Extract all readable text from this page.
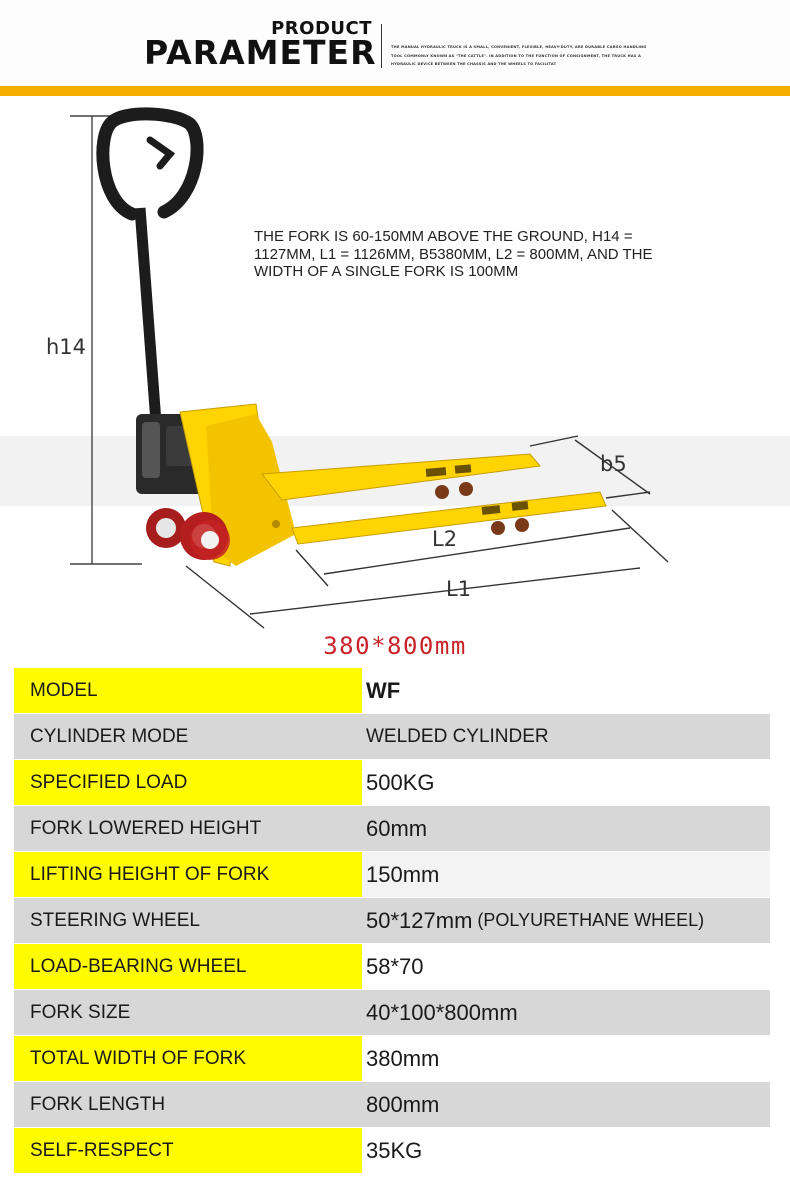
PRODUCT
PARAMETER	THE MANUAL HYDRAULIC TRUCK IS A SMALL, CONVENIENT, FLEXIBLE, HEAVY-DUTY, ARE DURABLE CARGO HANDLING TOOL COMMONLY KNOWN AS "THE CATTLE". IN ADDITION TO THE FUNCTION OF CONSIGNMENT, THE TRUCK HAS A HYDRAULIC DEVICE BETWEEN THE CHASSIS AND THE WHEELS TO FACILITAT
THE FORK IS 60-150MM ABOVE THE GROUND, H14 = 1127MM, L1 = 1126MM, B5380MM, L2 = 800MM, AND THE WIDTH OF A SINGLE FORK IS 100MM
h14
b5
L2
L1
380*800mm
MODEL	WF
CYLINDER MODE	WELDED CYLINDER
SPECIFIED LOAD	500KG
FORK LOWERED HEIGHT	60mm
LIFTING HEIGHT OF FORK	150mm
STEERING WHEEL	50*127mm (POLYURETHANE WHEEL)
LOAD-BEARING WHEEL	58*70
FORK SIZE	40*100*800mm
TOTAL WIDTH OF FORK	380mm
FORK LENGTH	800mm
SELF-RESPECT	35KG
